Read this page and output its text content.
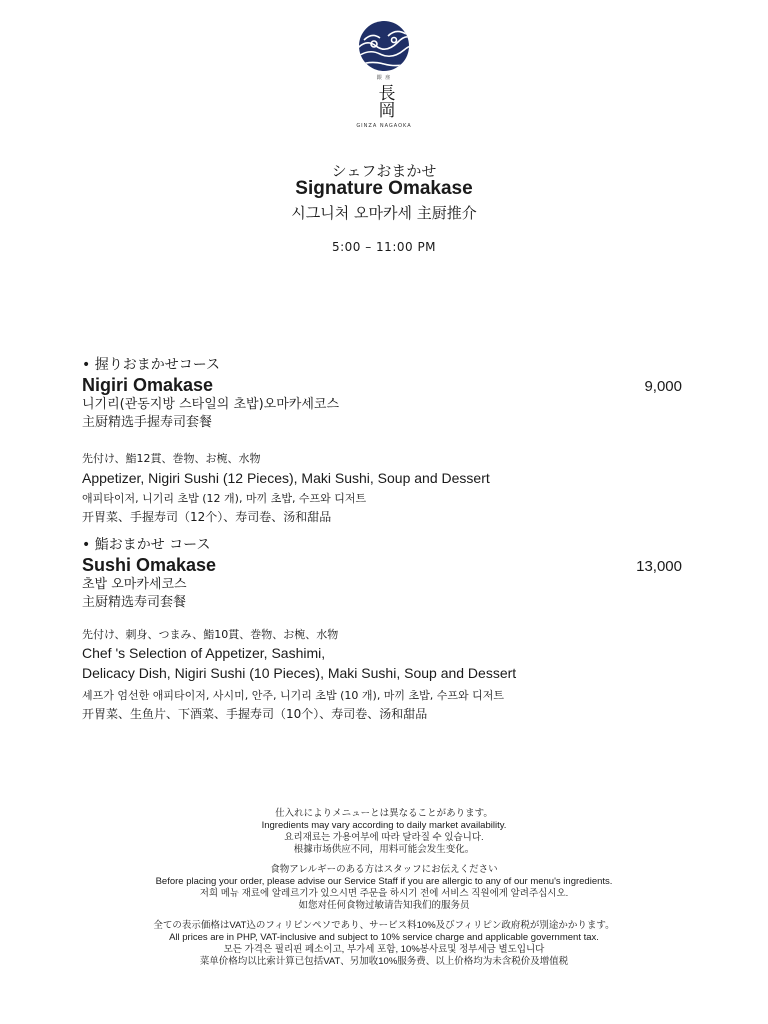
銀 座
長岡
GINZA NAGAOKA
シェフおまかせ
Signature Omakase
시그니처 오마카세 主厨推介
5:00 – 11:00 PM
• 握りおまかせコース
Nigiri Omakase	9,000
니기리(관동지방 스타일의 초밥)오마카세코스
主厨精选手握寿司套餐
先付け、鮨12貫、巻物、お椀、水物
Appetizer, Nigiri Sushi (12 Pieces), Maki Sushi, Soup and Dessert
애피타이저, 니기리 초밥 (12 개), 마끼 초밥, 수프와 디저트
开胃菜、手握寿司（12个）、寿司卷、汤和甜品
• 鮨おまかせ コース
Sushi Omakase	13,000
초밥 오마카세코스
主厨精选寿司套餐
先付け、刺身、つまみ、鮨10貫、巻物、お椀、水物
Chef 's Selection of Appetizer, Sashimi,
Delicacy Dish, Nigiri Sushi (10 Pieces), Maki Sushi, Soup and Dessert
셰프가 엄선한 애피타이저, 사시미, 안주, 니기리 초밥 (10 개), 마끼 초밥, 수프와 디저트
开胃菜、生鱼片、下酒菜、手握寿司（10个）、寿司卷、汤和甜品

仕入れによりメニューとは異なることがあります。

Ingredients may vary according to daily market availability.

요리재료는 가용여부에 따라 달라질 수 있습니다.

根據市场供应不同，用料可能会发生变化。

食物アレルギーのある方はスタッフにお伝えください

Before placing your order, please advise our Service Staff if you are allergic to any of our menu's ingredients.

저희 메뉴 재료에 알레르기가 있으시면 주문을 하시기 전에 서비스 직원에게 알려주십시오.

如您对任何食物过敏请告知我们的服务员

全ての表示価格はVAT込のフィリピンペソであり、サービス料10%及びフィリピン政府税が別途かかります。

All prices are in PHP, VAT-inclusive and subject to 10% service charge and applicable government tax.

모든 가격은 필리핀 페소이고, 부가세 포함, 10%봉사료및 정부세금 별도입니다

菜单价格均以比索计算已包括VAT、另加收10%服务费、以上价格均为未含税价及增值税
